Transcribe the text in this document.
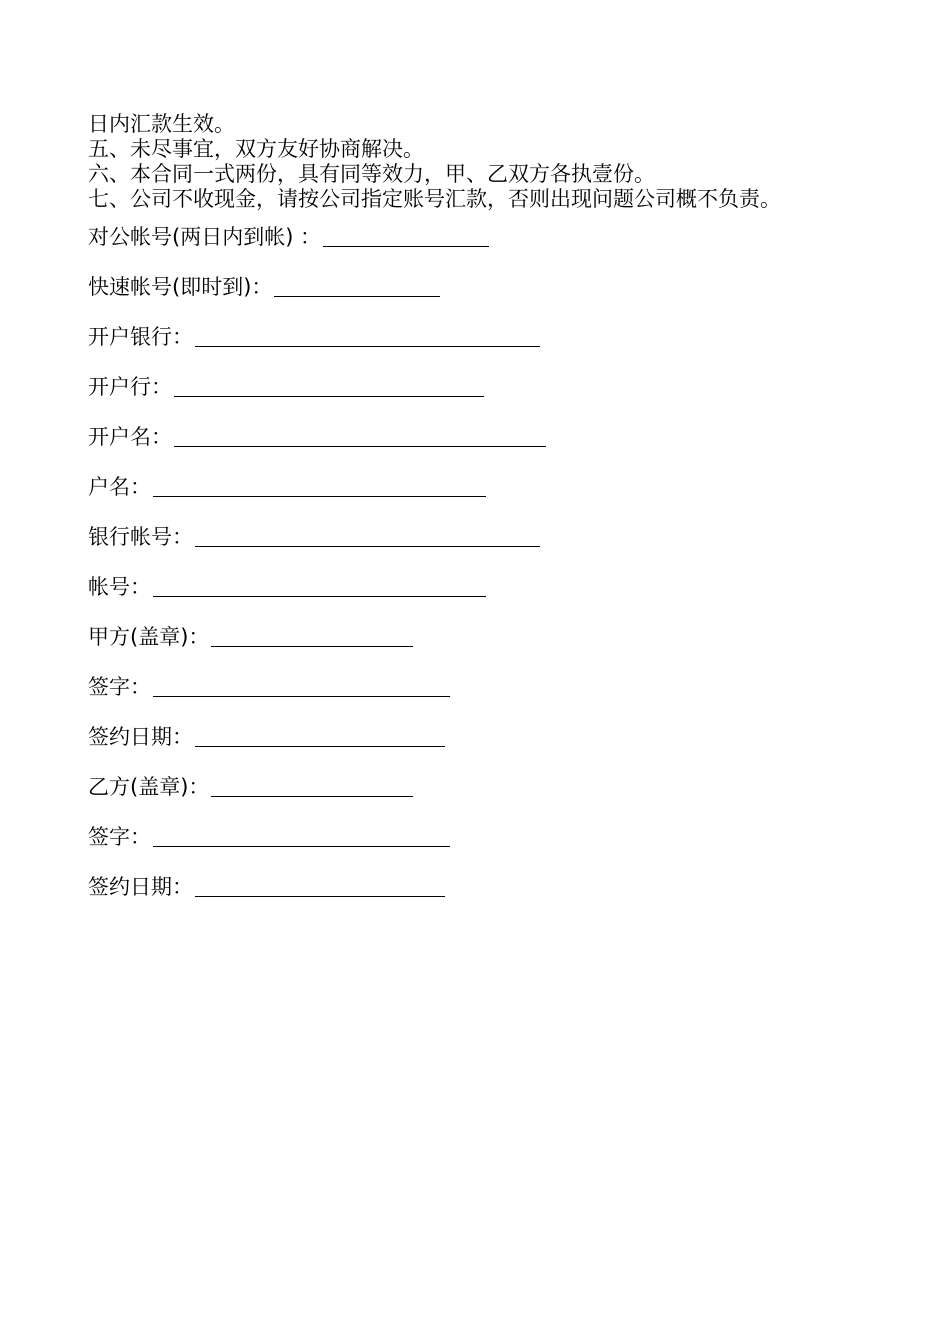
日内汇款生效。
五、未尽事宜，双方友好协商解决。
六、本合同一式两份，具有同等效力，甲、乙双方各执壹份。
七、公司不收现金，请按公司指定账号汇款，否则出现问题公司概不负责。
对公帐号(两日内到帐) ：
快速帐号(即时到)：
开户银行：
开户行：
开户名：
户名：
银行帐号：
帐号：
甲方(盖章)：
签字：
签约日期：
乙方(盖章)：
签字：
签约日期：
